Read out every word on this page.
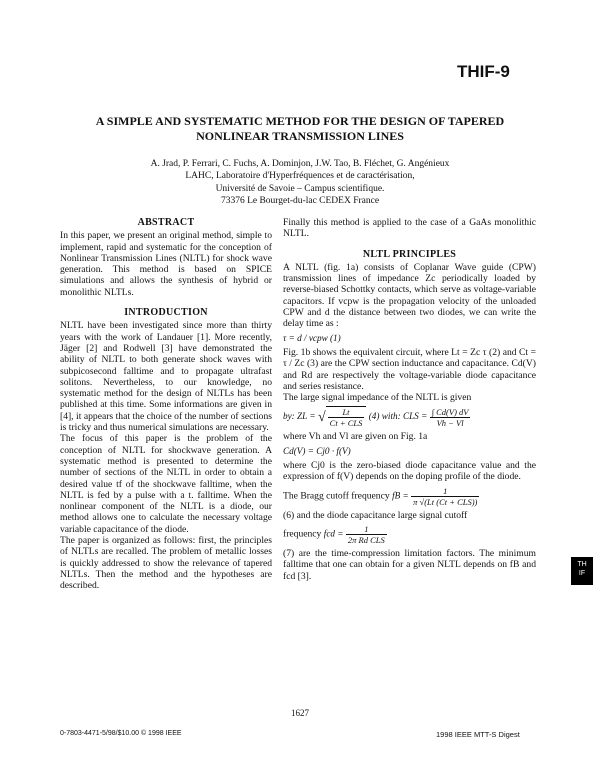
THIF-9
A SIMPLE AND SYSTEMATIC METHOD FOR THE DESIGN OF TAPERED
NONLINEAR TRANSMISSION LINES
A. Jrad, P. Ferrari, C. Fuchs, A. Dominjon, J.W. Tao, B. Fléchet, G. Angénieux
LAHC, Laboratoire d'Hyperfréquences et de caractérisation,
Université de Savoie – Campus scientifique.
73376 Le Bourget-du-lac CEDEX France
ABSTRACT

In this paper, we present an original method, simple to implement, rapid and systematic for the conception of Nonlinear Transmission Lines (NLTL) for shock wave generation. This method is based on SPICE simulations and allows the synthesis of hybrid or monolithic NLTLs.

INTRODUCTION

NLTL have been investigated since more than thirty years with the work of Landauer [1]. More recently, Jäger [2] and Rodwell [3] have demonstrated the ability of NLTL to both generate shock waves with subpicosecond falltime and to propagate ultrafast solitons. Nevertheless, to our knowledge, no systematic method for the design of NLTLs has been published at this time. Some informations are given in [4], it appears that the choice of the number of sections is tricky and thus numerical simulations are necessary.

The focus of this paper is the problem of the conception of NLTL for shockwave generation. A systematic method is presented to determine the number of sections of the NLTL in order to obtain a desired value tf of the shockwave falltime, when the NLTL is fed by a pulse with a t. falltime. When the nonlinear component of the NLTL is a diode, our method allows one to calculate the necessary voltage variable capacitance of the diode.

The paper is organized as follows: first, the principles of NLTLs are recalled. The problem of metallic losses is quickly addressed to show the relevance of tapered NLTLs. Then the method and the hypotheses are described.

Finally this method is applied to the case of a GaAs monolithic NLTL.

NLTL PRINCIPLES

A NLTL (fig. 1a) consists of Coplanar Wave guide (CPW) transmission lines of impedance Zc periodically loaded by reverse-biased Schottky contacts, which serve as voltage-variable capacitors. If vcpw is the propagation velocity of the unloaded CPW and d the distance between two diodes, we can write the delay time as :

τ = d / vcpw (1)

Fig. 1b shows the equivalent circuit, where Lt = Zc τ (2) and Ct = τ / Zc (3) are the CPW section inductance and capacitance. Cd(V) and Rd are respectively the voltage-variable diode capacitance and series resistance.

The large signal impedance of the NLTL is given

by: ZL = √ $\frac{Lt}{\text{Ct + CLS}} (4)$ with: CLS = $\frac{\int Cd(V) dV}{Vh - Vl}$

where Vh and Vl are given on Fig. 1a

Cd(V) = Cj0 · f(V)

where Cj0 is the zero-biased diode capacitance value and the expression of f(V) depends on the doping profile of the diode.

The Bragg cutoff frequency fB = $\frac{1}{\text{π √(Lt (Ct + CLS))}}$

(6) and the diode capacitance large signal cutoff

frequency fcd = $\frac{1}{\text{2π Rd CLS}}$

(7) are the time-compression limitation factors. The minimum falltime that one can obtain for a given NLTL depends on fB and fcd [3].

TH
IF
1627
0-7803-4471-5/98/$10.00 © 1998 IEEE	1998 IEEE MTT-S Digest
